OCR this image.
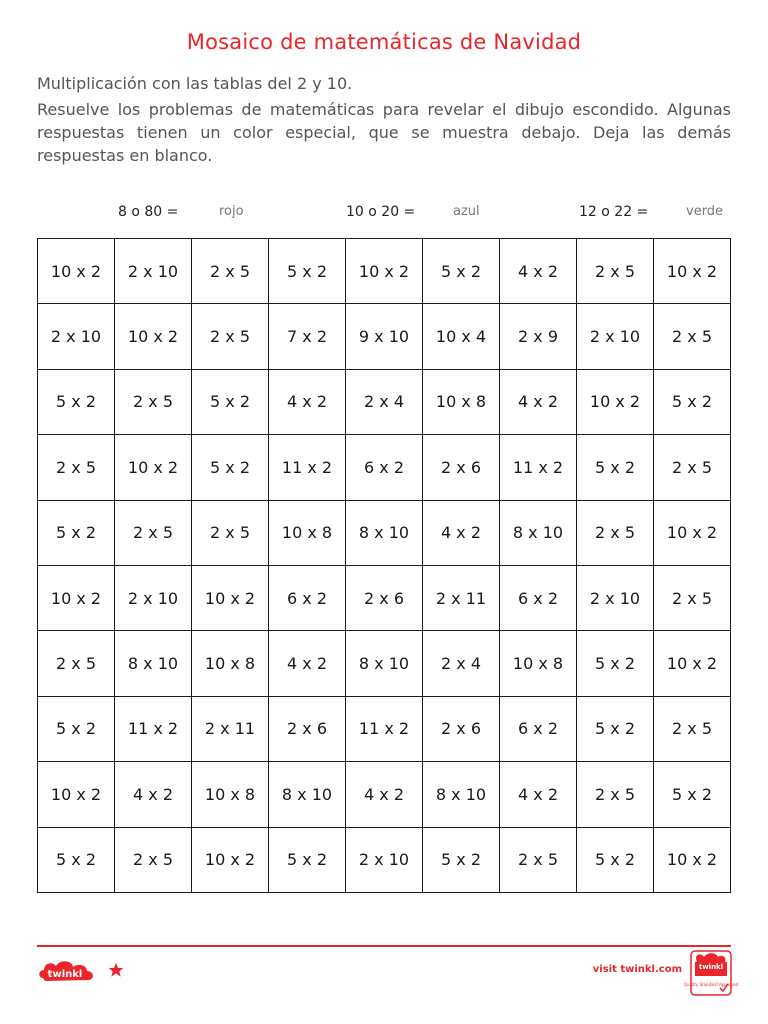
Mosaico de matemáticas de Navidad
Multiplicación con las tablas del 2 y 10.
Resuelve los problemas de matemáticas para revelar el dibujo escondido. Algunas respuestas tienen un color especial, que se muestra debajo. Deja las demás respuestas en blanco.
8 o 80 =	rojo	10 o 20 =	azul	12 o 22 =	verde
10 x 2	2 x 10	2 x 5	5 x 2	10 x 2	5 x 2	4 x 2	2 x 5	10 x 2
2 x 10	10 x 2	2 x 5	7 x 2	9 x 10	10 x 4	2 x 9	2 x 10	2 x 5
5 x 2	2 x 5	5 x 2	4 x 2	2 x 4	10 x 8	4 x 2	10 x 2	5 x 2
2 x 5	10 x 2	5 x 2	11 x 2	6 x 2	2 x 6	11 x 2	5 x 2	2 x 5
5 x 2	2 x 5	2 x 5	10 x 8	8 x 10	4 x 2	8 x 10	2 x 5	10 x 2
10 x 2	2 x 10	10 x 2	6 x 2	2 x 6	2 x 11	6 x 2	2 x 10	2 x 5
2 x 5	8 x 10	10 x 8	4 x 2	8 x 10	2 x 4	10 x 8	5 x 2	10 x 2
5 x 2	11 x 2	2 x 11	2 x 6	11 x 2	2 x 6	6 x 2	5 x 2	2 x 5
10 x 2	4 x 2	10 x 8	8 x 10	4 x 2	8 x 10	4 x 2	2 x 5	5 x 2
5 x 2	2 x 5	10 x 2	5 x 2	2 x 10	5 x 2	2 x 5	5 x 2	10 x 2
twinkl	visit twinkl.com
Quality Standard Approved
twinkl
